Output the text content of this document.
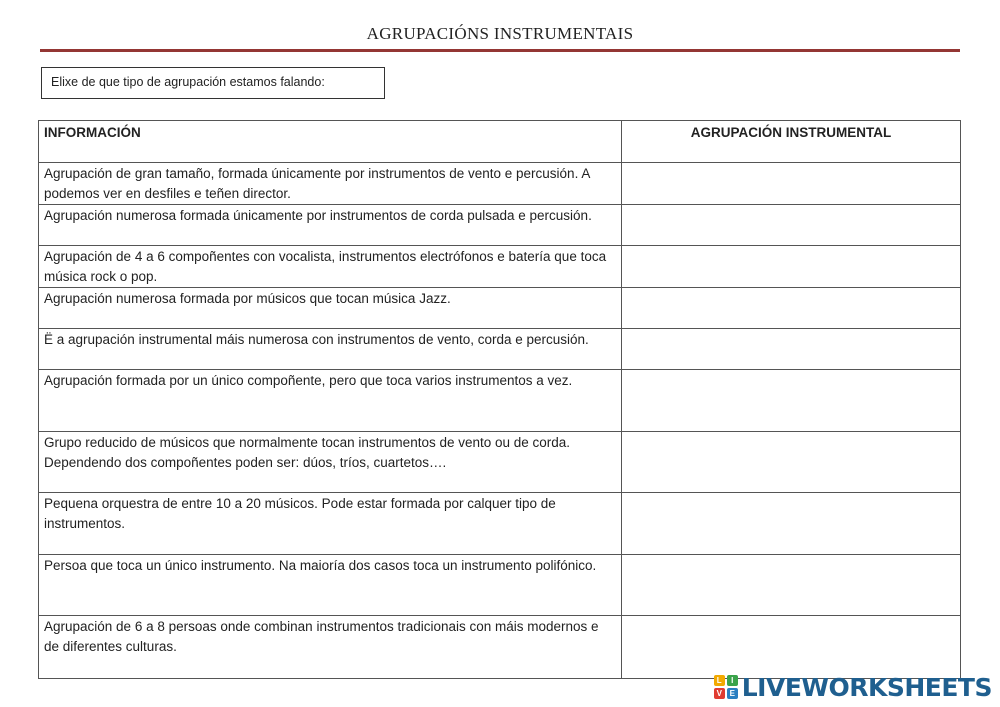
AGRUPACIÓNS INSTRUMENTAIS
Elixe de que tipo de agrupación estamos falando:
INFORMACIÓN	AGRUPACIÓN INSTRUMENTAL
Agrupación de gran tamaño, formada únicamente por instrumentos de vento e percusión. A podemos ver en desfiles e teñen director.	
Agrupación numerosa formada únicamente por instrumentos de corda pulsada e percusión.	
Agrupación de 4 a 6 compoñentes con vocalista, instrumentos electrófonos e batería que toca música rock o pop.	
Agrupación numerosa formada por músicos que tocan música Jazz.	
Ë a agrupación instrumental máis numerosa con instrumentos de vento, corda e percusión.	
Agrupación formada por un único compoñente, pero que toca varios instrumentos a vez.	
Grupo reducido de músicos que normalmente tocan instrumentos de vento ou de corda. Dependendo dos compoñentes poden ser: dúos, tríos, cuartetos….	
Pequena orquestra de entre 10 a 20 músicos. Pode estar formada por calquer tipo de instrumentos.	
Persoa que toca un único instrumento. Na maioría dos casos toca un instrumento polifónico.	
Agrupación de 6 a 8 persoas onde combinan instrumentos tradicionais con máis modernos e de diferentes culturas.	
L	I
V E LIVEWORKSHEETS
